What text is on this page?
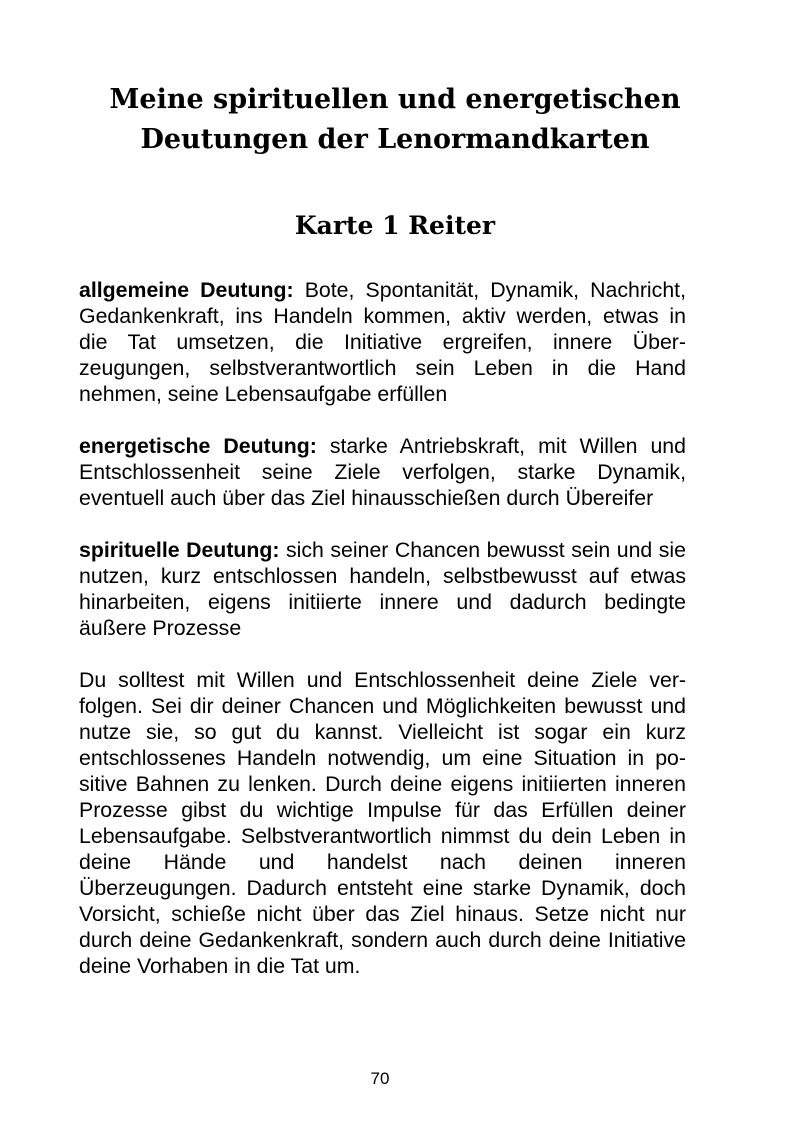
Meine spirituellen und energetischen
Deutungen der Lenormandkarten
Karte 1 Reiter

allgemeine Deutung: Bote, Spontanität, Dynamik, Nachricht, Gedankenkraft, ins Handeln kommen, aktiv werden, etwas in die Tat umsetzen, die Initiative ergreifen, innere Überzeugungen, selbstverantwortlich sein Leben in die Hand nehmen, seine Lebensaufgabe erfüllen

energetische Deutung: starke Antriebskraft, mit Willen und Entschlossenheit seine Ziele verfolgen, starke Dynamik, eventuell auch über das Ziel hinausschießen durch Übereifer

spirituelle Deutung: sich seiner Chancen bewusst sein und sie nutzen, kurz entschlossen handeln, selbstbewusst auf etwas hinarbeiten, eigens initiierte innere und dadurch bedingte äußere Prozesse

Du solltest mit Willen und Entschlossenheit deine Ziele verfolgen. Sei dir deiner Chancen und Möglichkeiten bewusst und nutze sie, so gut du kannst. Vielleicht ist sogar ein kurz entschlossenes Handeln notwendig, um eine Situation in positive Bahnen zu lenken. Durch deine eigens initiierten inneren Prozesse gibst du wichtige Impulse für das Erfüllen deiner Lebensaufgabe. Selbstverantwortlich nimmst du dein Leben in deine Hände und handelst nach deinen inneren Überzeugungen. Dadurch entsteht eine starke Dynamik, doch Vorsicht, schieße nicht über das Ziel hinaus. Setze nicht nur durch deine Gedankenkraft, sondern auch durch deine Initiative deine Vorhaben in die Tat um.

70
